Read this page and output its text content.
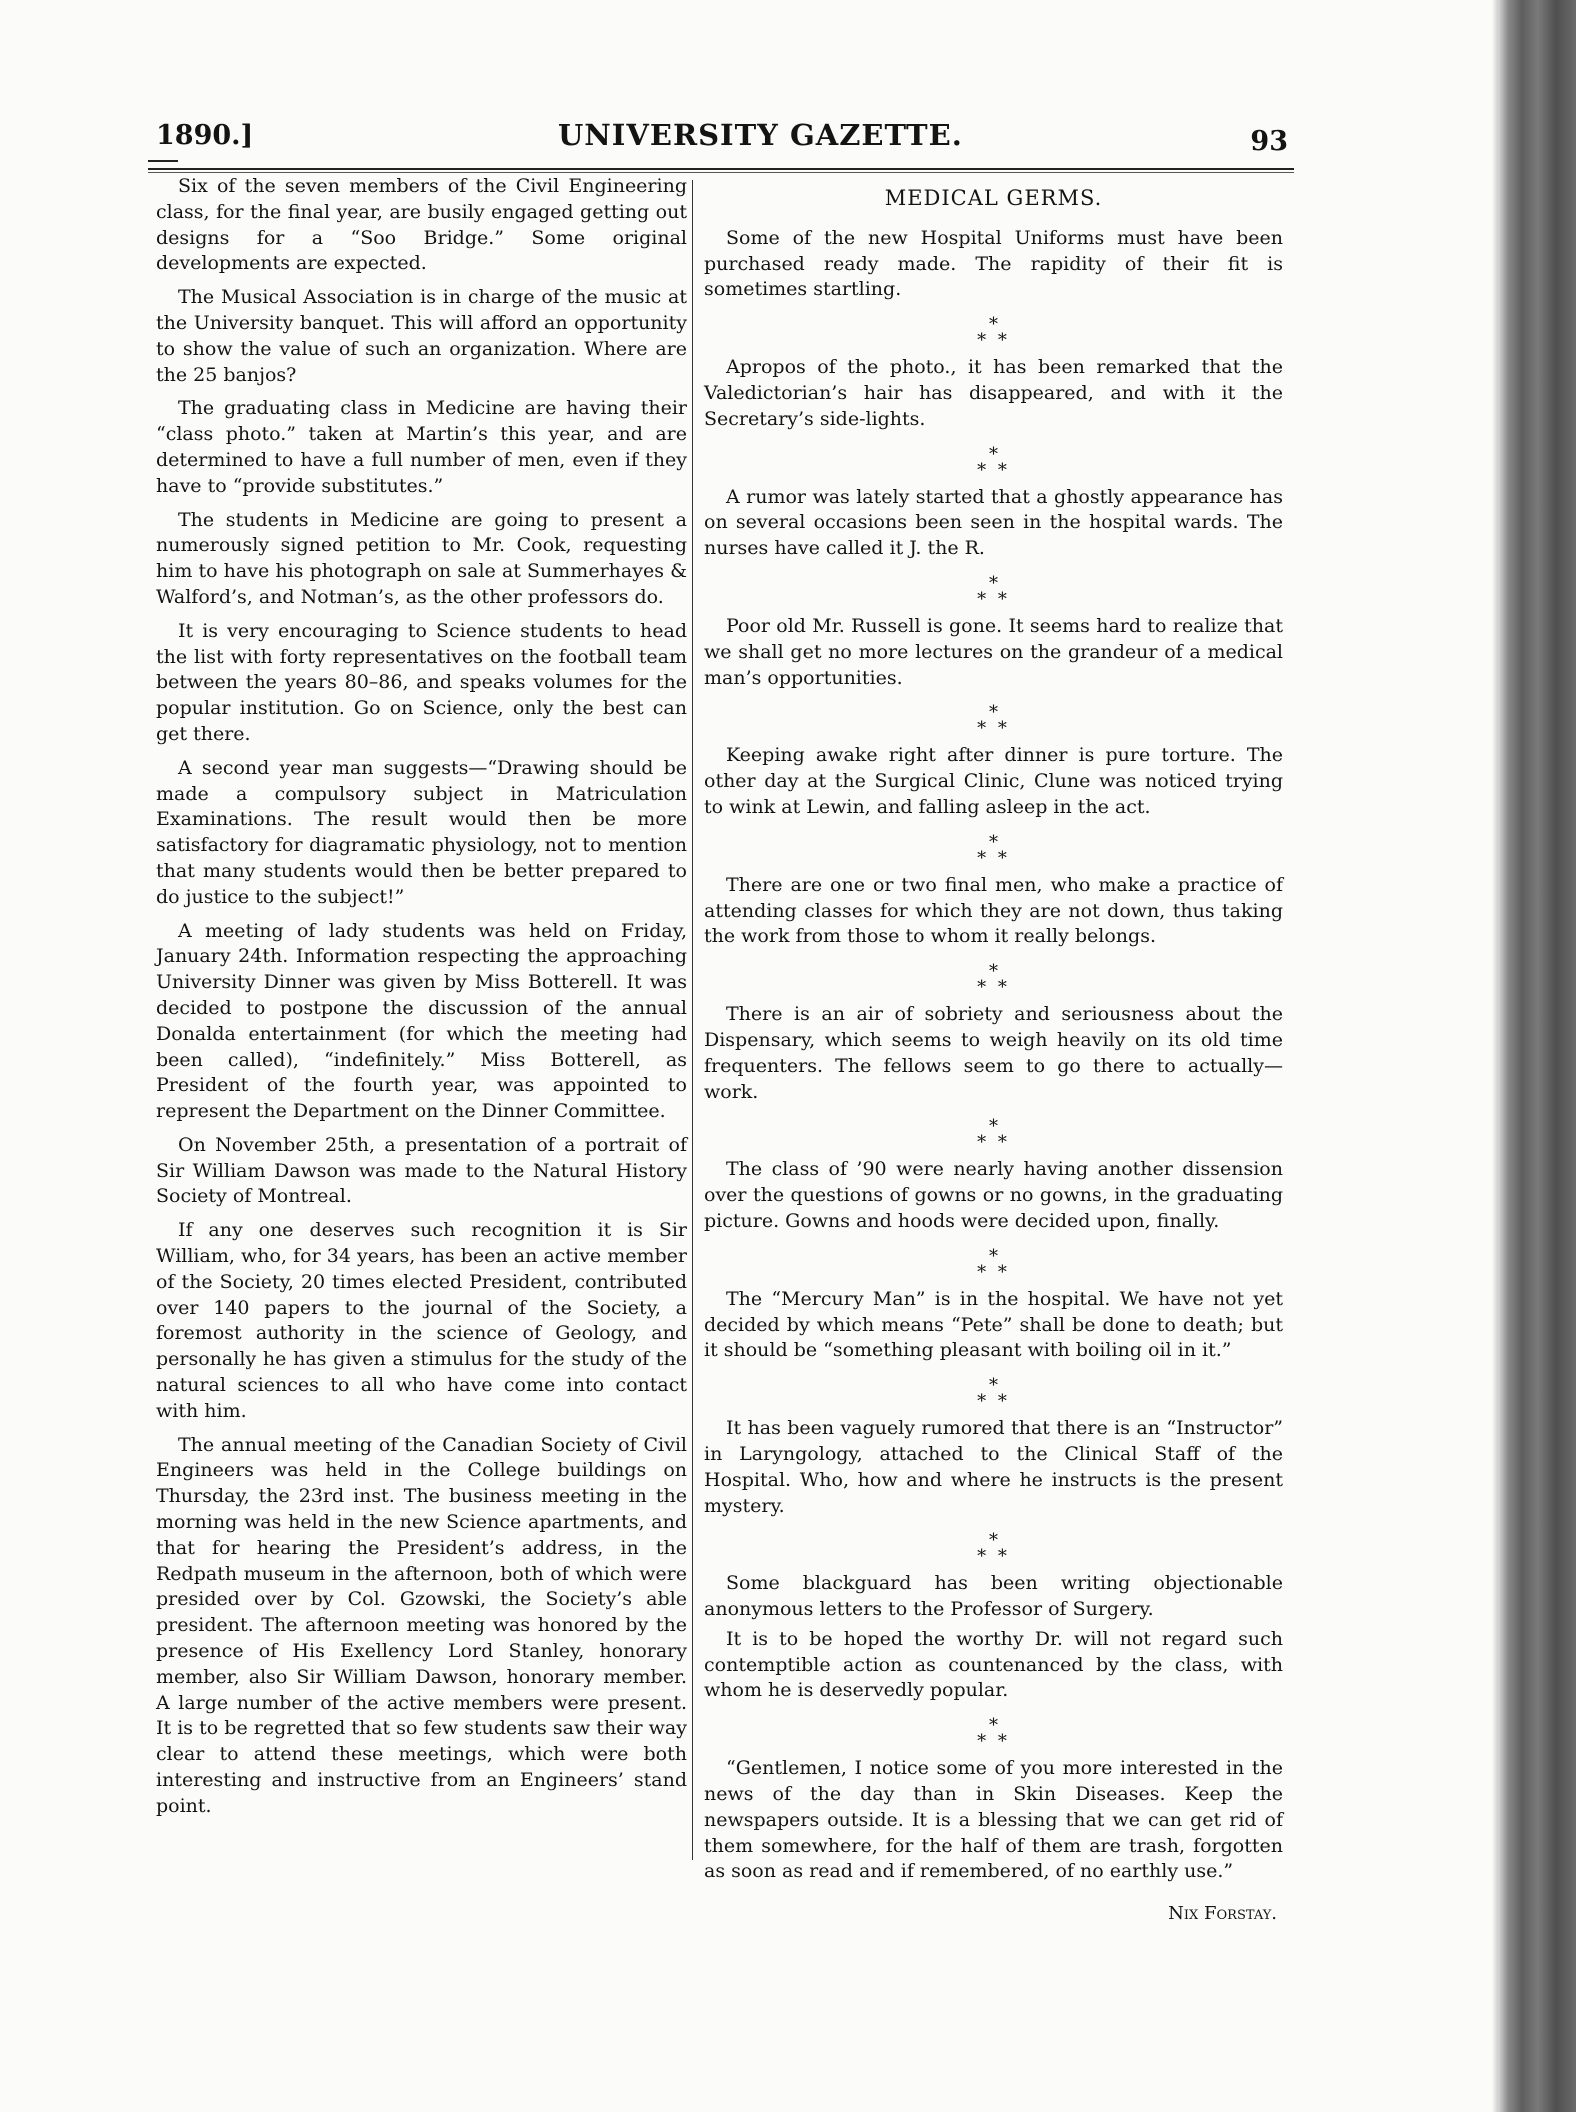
1890.]	UNIVERSITY GAZETTE.	93

Six of the seven members of the Civil Engineering class, for the final year, are busily engaged getting out designs for a “Soo Bridge.” Some original developments are expected.

The Musical Association is in charge of the music at the University banquet. This will afford an opportunity to show the value of such an organization. Where are the 25 banjos?

The graduating class in Medicine are having their “class photo.” taken at Martin’s this year, and are determined to have a full number of men, even if they have to “provide substitutes.”

The students in Medicine are going to present a numerously signed petition to Mr. Cook, requesting him to have his photograph on sale at Summerhayes & Walford’s, and Notman’s, as the other professors do.

It is very encouraging to Science students to head the list with forty representatives on the football team between the years 80–86, and speaks volumes for the popular institution. Go on Science, only the best can get there.

A second year man suggests—“Drawing should be made a compulsory subject in Matriculation Examinations. The result would then be more satisfactory for diagramatic physiology, not to mention that many students would then be better prepared to do justice to the subject!”

A meeting of lady students was held on Friday, January 24th. Information respecting the approaching University Dinner was given by Miss Botterell. It was decided to postpone the discussion of the annual Donalda entertainment (for which the meeting had been called), “indefinitely.” Miss Botterell, as President of the fourth year, was appointed to represent the Department on the Dinner Committee.

On November 25th, a presentation of a portrait of Sir William Dawson was made to the Natural History Society of Montreal.

If any one deserves such recognition it is Sir William, who, for 34 years, has been an active member of the Society, 20 times elected President, contributed over 140 papers to the journal of the Society, a foremost authority in the science of Geology, and personally he has given a stimulus for the study of the natural sciences to all who have come into contact with him.

The annual meeting of the Canadian Society of Civil Engineers was held in the College buildings on Thursday, the 23rd inst. The business meeting in the morning was held in the new Science apartments, and that for hearing the President’s address, in the Redpath museum in the afternoon, both of which were presided over by Col. Gzowski, the Society’s able president. The afternoon meeting was honored by the presence of His Exellency Lord Stanley, honorary member, also Sir William Dawson, honorary member. A large number of the active members were present. It is to be regretted that so few students saw their way clear to attend these meetings, which were both interesting and instructive from an Engineers’ stand point.

MEDICAL GERMS.

Some of the new Hospital Uniforms must have been purchased ready made. The rapidity of their fit is sometimes startling.

*
* *

Apropos of the photo., it has been remarked that the Valedictorian’s hair has disappeared, and with it the Secretary’s side-lights.

*
* *

A rumor was lately started that a ghostly appearance has on several occasions been seen in the hospital wards. The nurses have called it J. the R.

*
* *

Poor old Mr. Russell is gone. It seems hard to realize that we shall get no more lectures on the grandeur of a medical man’s opportunities.

*
* *

Keeping awake right after dinner is pure torture. The other day at the Surgical Clinic, Clune was noticed trying to wink at Lewin, and falling asleep in the act.

*
* *

There are one or two final men, who make a practice of attending classes for which they are not down, thus taking the work from those to whom it really belongs.

*
* *

There is an air of sobriety and seriousness about the Dispensary, which seems to weigh heavily on its old time frequenters. The fellows seem to go there to actually—work.

*
* *

The class of ’90 were nearly having another dissension over the questions of gowns or no gowns, in the graduating picture. Gowns and hoods were decided upon, finally.

*
* *

The “Mercury Man” is in the hospital. We have not yet decided by which means “Pete” shall be done to death; but it should be “something pleasant with boiling oil in it.”

*
* *

It has been vaguely rumored that there is an “Instructor” in Laryngology, attached to the Clinical Staff of the Hospital. Who, how and where he instructs is the present mystery.

*
* *

Some blackguard has been writing objectionable anonymous letters to the Professor of Surgery.

It is to be hoped the worthy Dr. will not regard such contemptible action as countenanced by the class, with whom he is deservedly popular.

*
* *

“Gentlemen, I notice some of you more interested in the news of the day than in Skin Diseases. Keep the newspapers outside. It is a blessing that we can get rid of them somewhere, for the half of them are trash, forgotten as soon as read and if remembered, of no earthly use.”

Nix Forstay.
